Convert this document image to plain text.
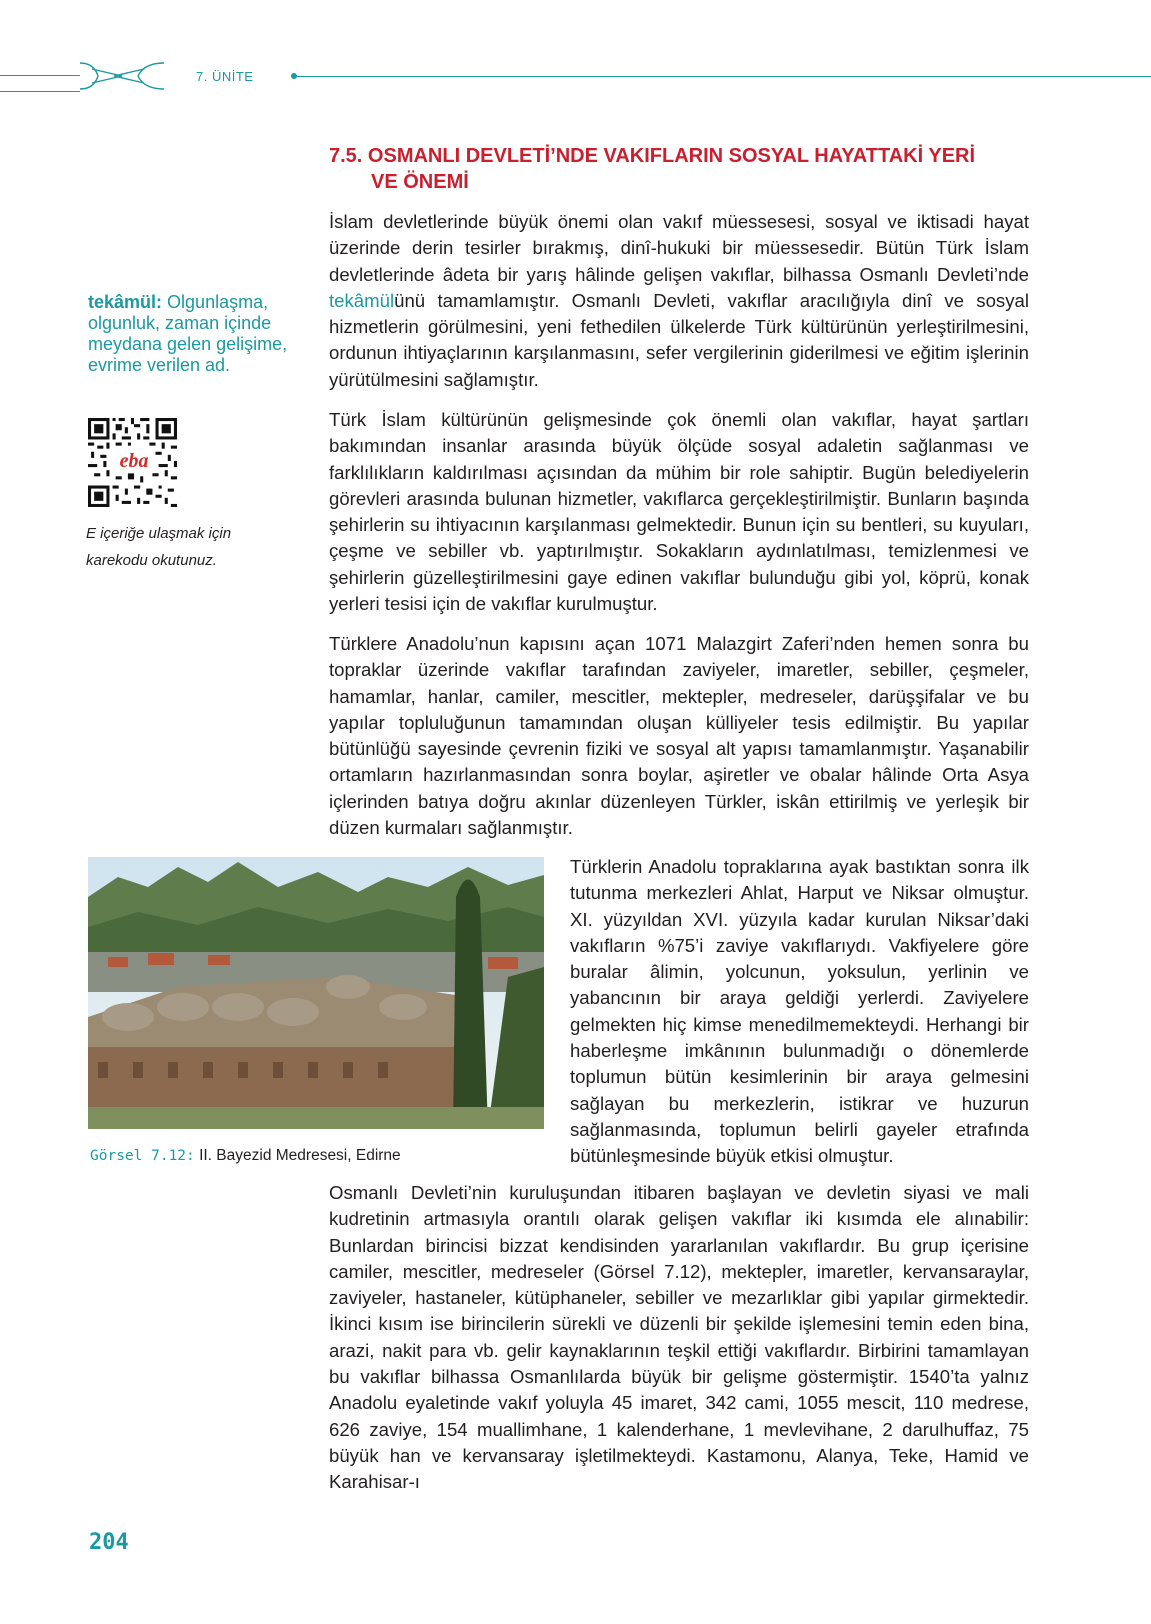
7. ÜNİTE
7.5. OSMANLI DEVLETİ’NDE VAKIFLARIN SOSYAL HAYATTAKİ YERİ
VE ÖNEMİ

İslam devletlerinde büyük önemi olan vakıf müessesesi, sosyal ve iktisadi hayat üzerinde derin tesirler bırakmış, dinî-hukuki bir müessesedir. Bütün Türk İslam devletlerinde âdeta bir yarış hâlinde gelişen vakıflar, bilhassa Osmanlı Devleti’nde tekâmülünü tamamlamıştır. Osmanlı Devleti, vakıflar aracılığıyla dinî ve sosyal hizmetlerin görülmesini, yeni fethedilen ülkelerde Türk kültürünün yerleştirilmesini, ordunun ihtiyaçlarının karşılanmasını, sefer vergilerinin giderilmesi ve eğitim işlerinin yürütülmesini sağlamıştır.

Türk İslam kültürünün gelişmesinde çok önemli olan vakıflar, hayat şartları bakımından insanlar arasında büyük ölçüde sosyal adaletin sağlanması ve farklılıkların kaldırılması açısından da mühim bir role sahiptir. Bugün belediyelerin görevleri arasında bulunan hizmetler, vakıflarca gerçekleştirilmiştir. Bunların başında şehirlerin su ihtiyacının karşılanması gelmektedir. Bunun için su bentleri, su kuyuları, çeşme ve sebiller vb. yaptırılmıştır. Sokakların aydınlatılması, temizlenmesi ve şehirlerin güzelleştirilmesini gaye edinen vakıflar bulunduğu gibi yol, köprü, konak yerleri tesisi için de vakıflar kurulmuştur.

Türklere Anadolu’nun kapısını açan 1071 Malazgirt Zaferi’nden hemen sonra bu topraklar üzerinde vakıflar tarafından zaviyeler, imaretler, sebiller, çeşmeler, hamamlar, hanlar, camiler, mescitler, mektepler, medreseler, darüşşifalar ve bu yapılar topluluğunun tamamından oluşan külliyeler tesis edilmiştir. Bu yapılar bütünlüğü sayesinde çevrenin fiziki ve sosyal alt yapısı tamamlanmıştır. Yaşanabilir ortamların hazırlanmasından sonra boylar, aşiretler ve obalar hâlinde Orta Asya içlerinden batıya doğru akınlar düzenleyen Türkler, iskân ettirilmiş ve yerleşik bir düzen kurmaları sağlanmıştır.

Türklerin Anadolu topraklarına ayak bastıktan sonra ilk tutunma merkezleri Ahlat, Harput ve Niksar olmuştur. XI. yüzyıldan XVI. yüzyıla kadar kurulan Niksar’daki vakıfların %75’i zaviye vakıflarıydı. Vakfiyelere göre buralar âlimin, yolcunun, yoksulun, yerlinin ve yabancının bir araya geldiği yerlerdi. Zaviyelere gelmekten hiç kimse menedilmemekteydi. Herhangi bir haberleşme imkânının bulunmadığı o dönemlerde toplumun bütün kesimlerinin bir araya gelmesini sağlayan bu merkezlerin, istikrar ve huzurun sağlanmasında, toplumun belirli gayeler etrafında bütünleşmesinde büyük etkisi olmuştur.

Osmanlı Devleti’nin kuruluşundan itibaren başlayan ve devletin siyasi ve mali kudretinin artmasıyla orantılı olarak gelişen vakıflar iki kısımda ele alınabilir: Bunlardan birincisi bizzat kendisinden yararlanılan vakıflardır. Bu grup içerisine camiler, mescitler, medreseler (Görsel 7.12), mektepler, imaretler, kervansaraylar, zaviyeler, hastaneler, kütüphaneler, sebiller ve mezarlıklar gibi yapılar girmektedir. İkinci kısım ise birincilerin sürekli ve düzenli bir şekilde işlemesini temin eden bina, arazi, nakit para vb. gelir kaynaklarının teşkil ettiği vakıflardır. Birbirini tamamlayan bu vakıflar bilhassa Osmanlılarda büyük bir gelişme göstermiştir. 1540’ta yalnız Anadolu eyaletinde vakıf yoluyla 45 imaret, 342 cami, 1055 mescit, 110 medrese, 626 zaviye, 154 muallimhane, 1 kalenderhane, 1 mevlevihane, 2 darulhuffaz, 75 büyük han ve kervansaray işletilmekteydi. Kastamonu, Alanya, Teke, Hamid ve Karahisar-ı

tekâmül: Olgunlaşma, olgunluk, zaman içinde meydana gelen gelişime, evrime verilen ad.
eba
E içeriğe ulaşmak için karekodu okutunuz.
Görsel 7.12: II. Bayezid Medresesi, Edirne
204
